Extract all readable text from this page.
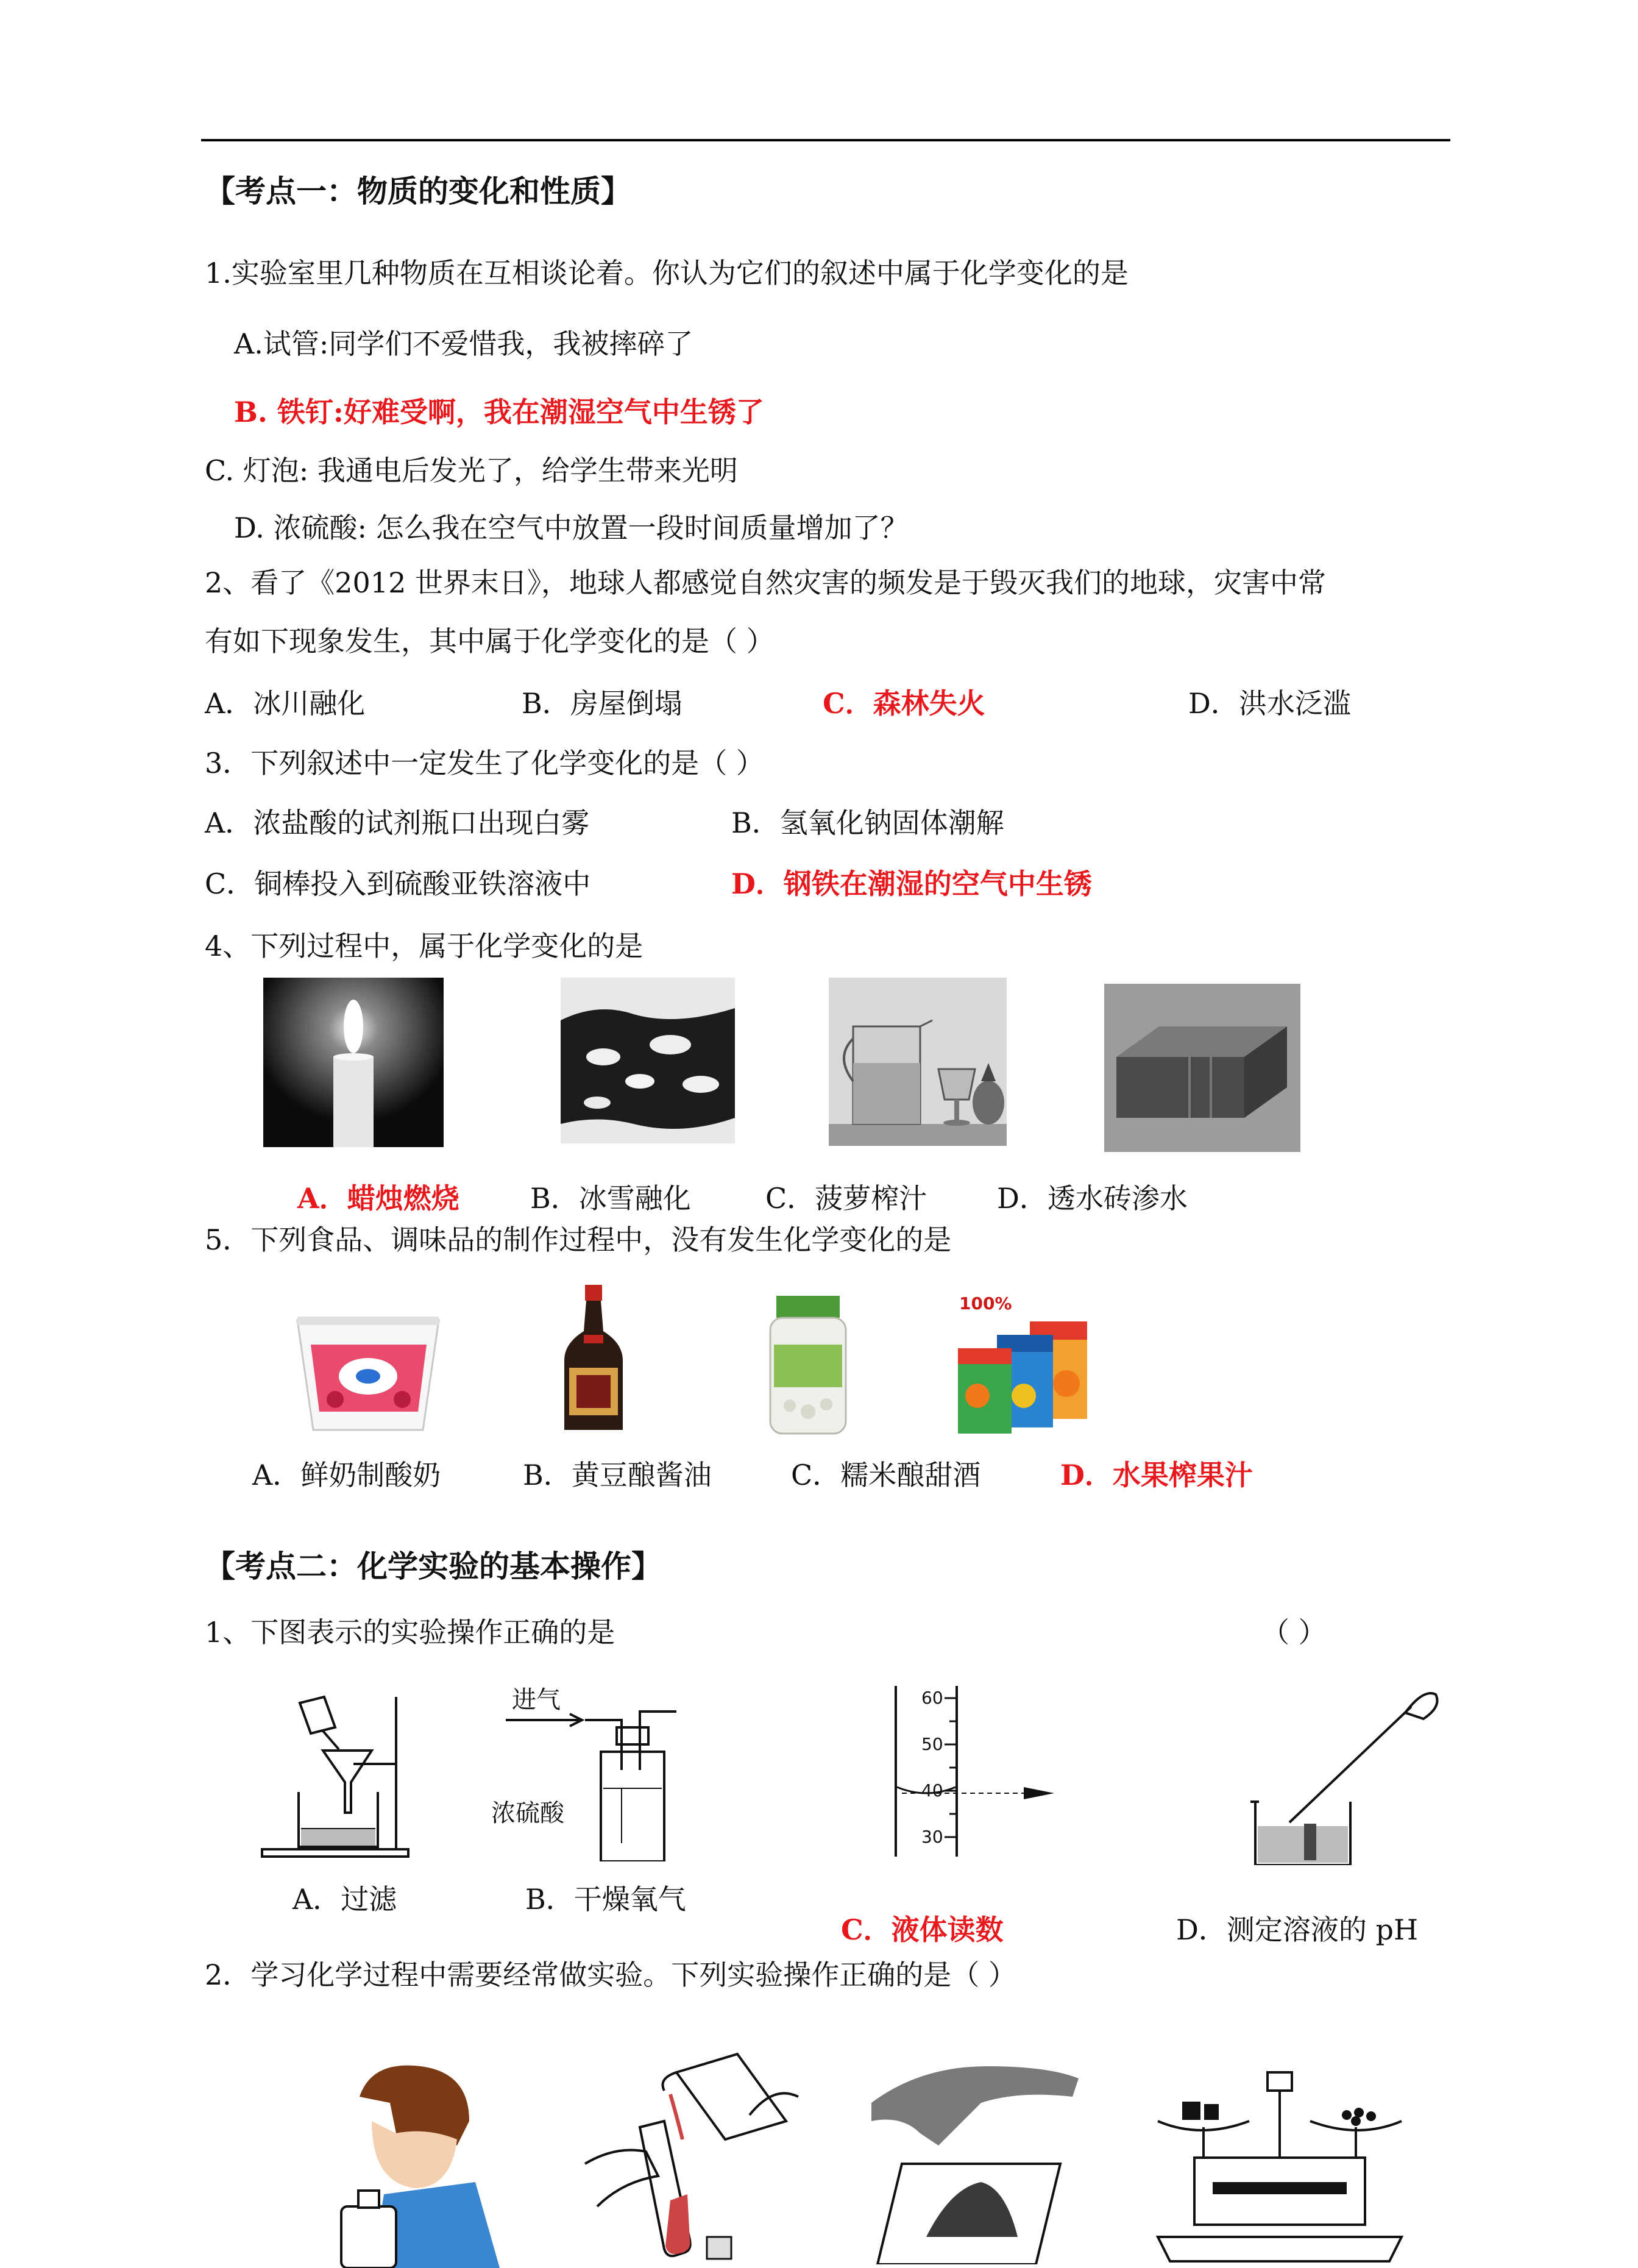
【考点一：物质的变化和性质】
1.实验室里几种物质在互相谈论着。你认为它们的叙述中属于化学变化的是
A.试管:同学们不爱惜我，我被摔碎了
B. 铁钉:好难受啊，我在潮湿空气中生锈了
C. 灯泡: 我通电后发光了，给学生带来光明
D. 浓硫酸: 怎么我在空气中放置一段时间质量增加了？
2、看了《2012 世界末日》，地球人都感觉自然灾害的频发是于毁灭我们的地球，灾害中常
有如下现象发生，其中属于化学变化的是（ ）
A．冰川融化	B．房屋倒塌	C．森林失火	D．洪水泛滥
3．下列叙述中一定发生了化学变化的是（ ）
A．浓盐酸的试剂瓶口出现白雾	B．氢氧化钠固体潮解
C．铜棒投入到硫酸亚铁溶液中	D．钢铁在潮湿的空气中生锈
4、下列过程中，属于化学变化的是
A．蜡烛燃烧	B．冰雪融化	C．菠萝榨汁 D．透水砖渗水
5．下列食品、调味品的制作过程中，没有发生化学变化的是
100%
A．鲜奶制酸奶	B．黄豆酿酱油	C．糯米酿甜酒	D．水果榨果汁
【考点二：化学实验的基本操作】
1、下图表示的实验操作正确的是	（ ）
进气
浓硫酸
60
50
40
30
A．过滤	B．干燥氧气
C．液体读数	D．测定溶液的 pH
2．学习化学过程中需要经常做实验。下列实验操作正确的是（ ）
